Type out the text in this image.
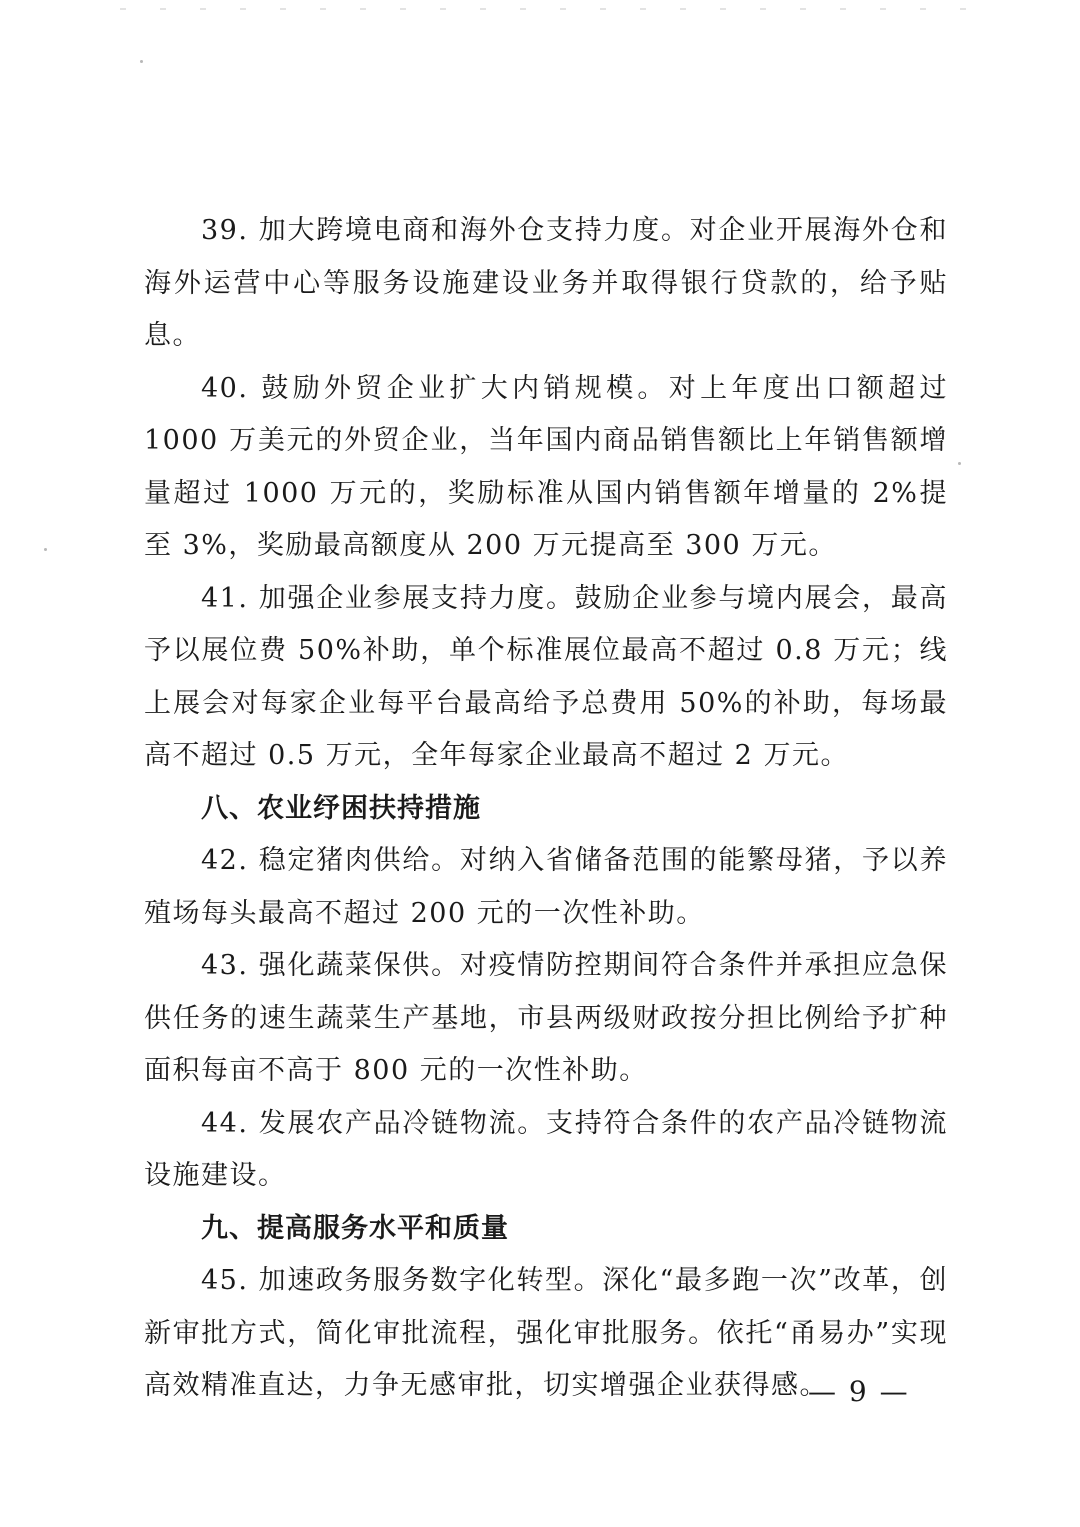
39. 加大跨境电商和海外仓支持力度。对企业开展海外仓和海外运营中心等服务设施建设业务并取得银行贷款的，给予贴息。

40. 鼓励外贸企业扩大内销规模。对上年度出口额超过 1000 万美元的外贸企业，当年国内商品销售额比上年销售额增量超过 1000 万元的，奖励标准从国内销售额年增量的 2%提至 3%，奖励最高额度从 200 万元提高至 300 万元。

41. 加强企业参展支持力度。鼓励企业参与境内展会，最高予以展位费 50%补助，单个标准展位最高不超过 0.8 万元；线上展会对每家企业每平台最高给予总费用 50%的补助，每场最高不超过 0.5 万元，全年每家企业最高不超过 2 万元。

八、农业纾困扶持措施

42. 稳定猪肉供给。对纳入省储备范围的能繁母猪，予以养殖场每头最高不超过 200 元的一次性补助。

43. 强化蔬菜保供。对疫情防控期间符合条件并承担应急保供任务的速生蔬菜生产基地，市县两级财政按分担比例给予扩种面积每亩不高于 800 元的一次性补助。

44. 发展农产品冷链物流。支持符合条件的农产品冷链物流设施建设。

九、提高服务水平和质量

45. 加速政务服务数字化转型。深化“最多跑一次”改革，创新审批方式，简化审批流程，强化审批服务。依托“甬易办”实现高效精准直达，力争无感审批，切实增强企业获得感。

— 9 —
